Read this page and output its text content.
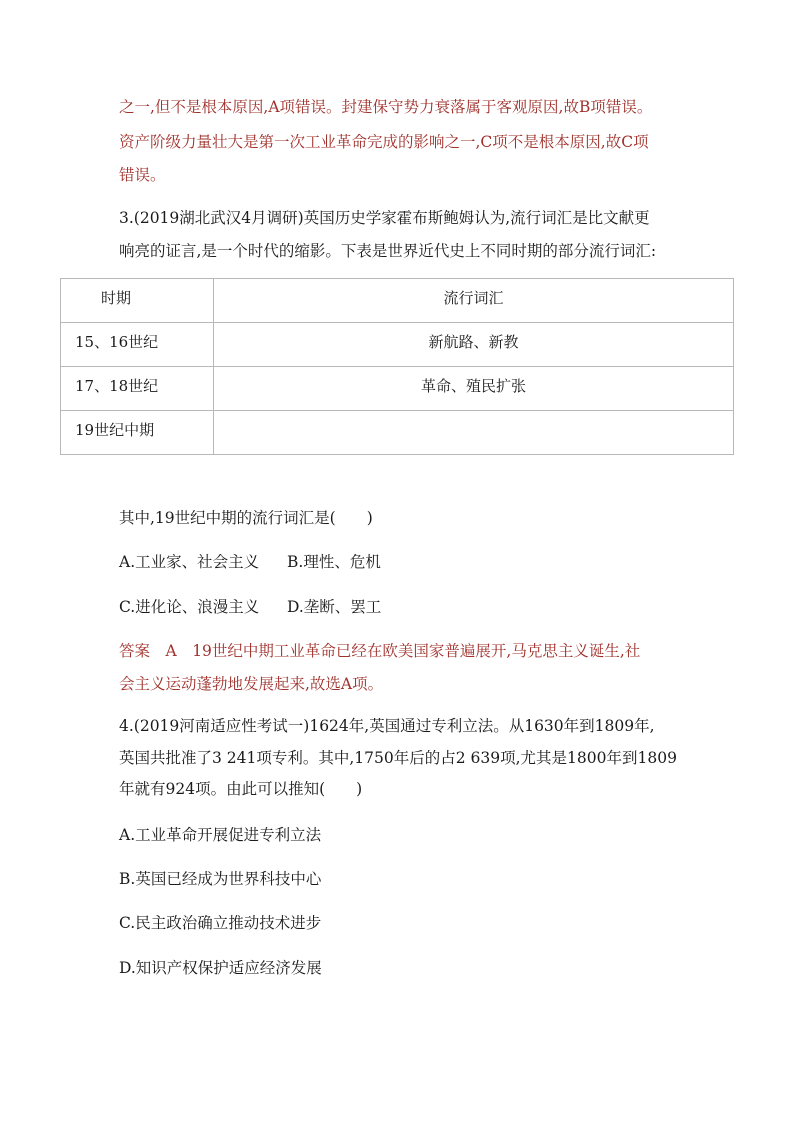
之一,但不是根本原因,A项错误。封建保守势力衰落属于客观原因,故B项错误。
资产阶级力量壮大是第一次工业革命完成的影响之一,C项不是根本原因,故C项
错误。
3.(2019湖北武汉4月调研)英国历史学家霍布斯鲍姆认为,流行词汇是比文献更
响亮的证言,是一个时代的缩影。下表是世界近代史上不同时期的部分流行词汇:
时期	流行词汇
15、16世纪	新航路、新教
17、18世纪	革命、殖民扩张
19世纪中期	
其中,19世纪中期的流行词汇是(　　)
A.工业家、社会主义 B.理性、危机
C.进化论、浪漫主义 D.垄断、罢工
答案　A　19世纪中期工业革命已经在欧美国家普遍展开,马克思主义诞生,社
会主义运动蓬勃地发展起来,故选A项。
4.(2019河南适应性考试一)1624年,英国通过专利立法。从1630年到1809年,
英国共批准了3 241项专利。其中,1750年后的占2 639项,尤其是1800年到1809
年就有924项。由此可以推知(　　)
A.工业革命开展促进专利立法
B.英国已经成为世界科技中心
C.民主政治确立推动技术进步
D.知识产权保护适应经济发展
